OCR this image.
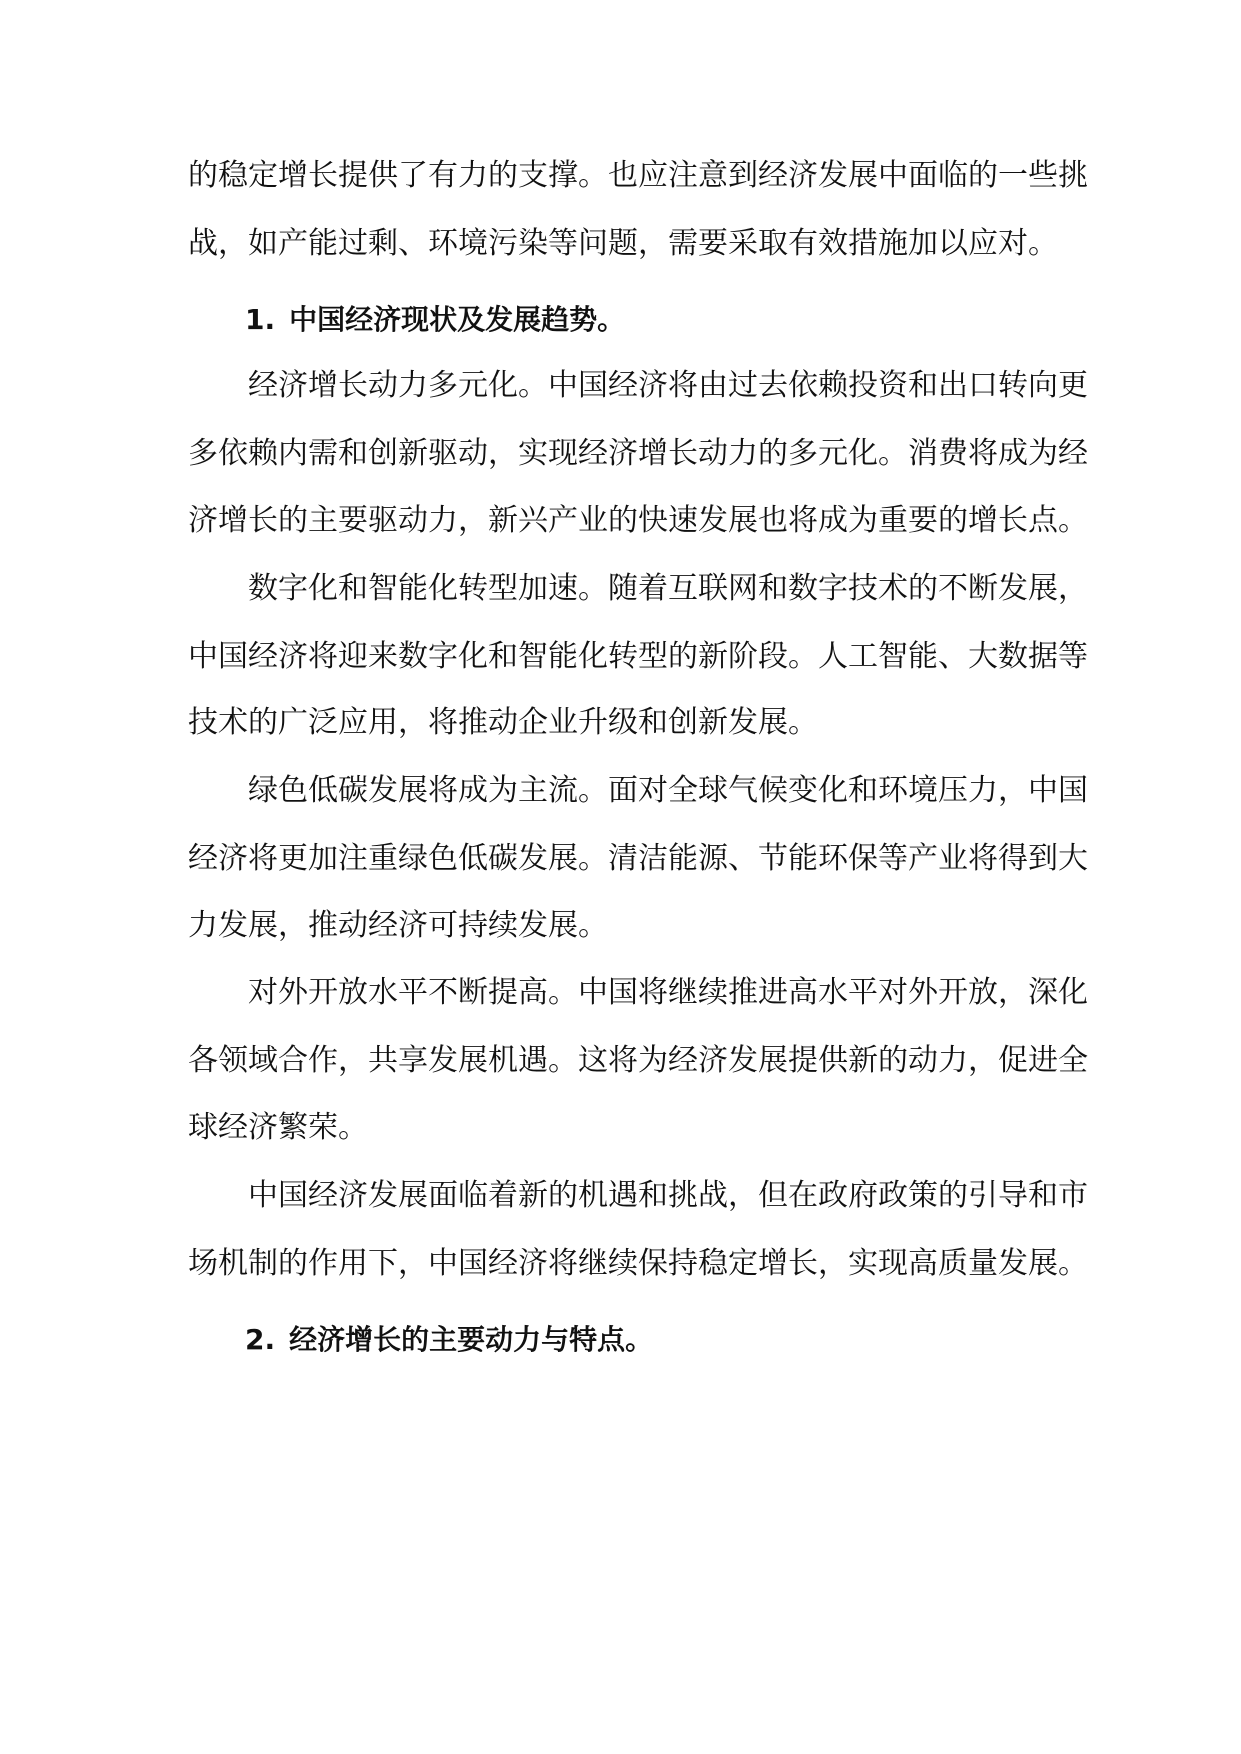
的稳定增长提供了有力的支撑。也应注意到经济发展中面临的一些挑
战，如产能过剩、环境污染等问题，需要采取有效措施加以应对。
1. 中国经济现状及发展趋势。
经济增长动力多元化。中国经济将由过去依赖投资和出口转向更
多依赖内需和创新驱动，实现经济增长动力的多元化。消费将成为经
济增长的主要驱动力，新兴产业的快速发展也将成为重要的增长点。
数字化和智能化转型加速。随着互联网和数字技术的不断发展，
中国经济将迎来数字化和智能化转型的新阶段。人工智能、大数据等
技术的广泛应用，将推动企业升级和创新发展。
绿色低碳发展将成为主流。面对全球气候变化和环境压力，中国
经济将更加注重绿色低碳发展。清洁能源、节能环保等产业将得到大
力发展，推动经济可持续发展。
对外开放水平不断提高。中国将继续推进高水平对外开放，深化
各领域合作，共享发展机遇。这将为经济发展提供新的动力，促进全
球经济繁荣。
中国经济发展面临着新的机遇和挑战，但在政府政策的引导和市
场机制的作用下，中国经济将继续保持稳定增长，实现高质量发展。
2. 经济增长的主要动力与特点。
